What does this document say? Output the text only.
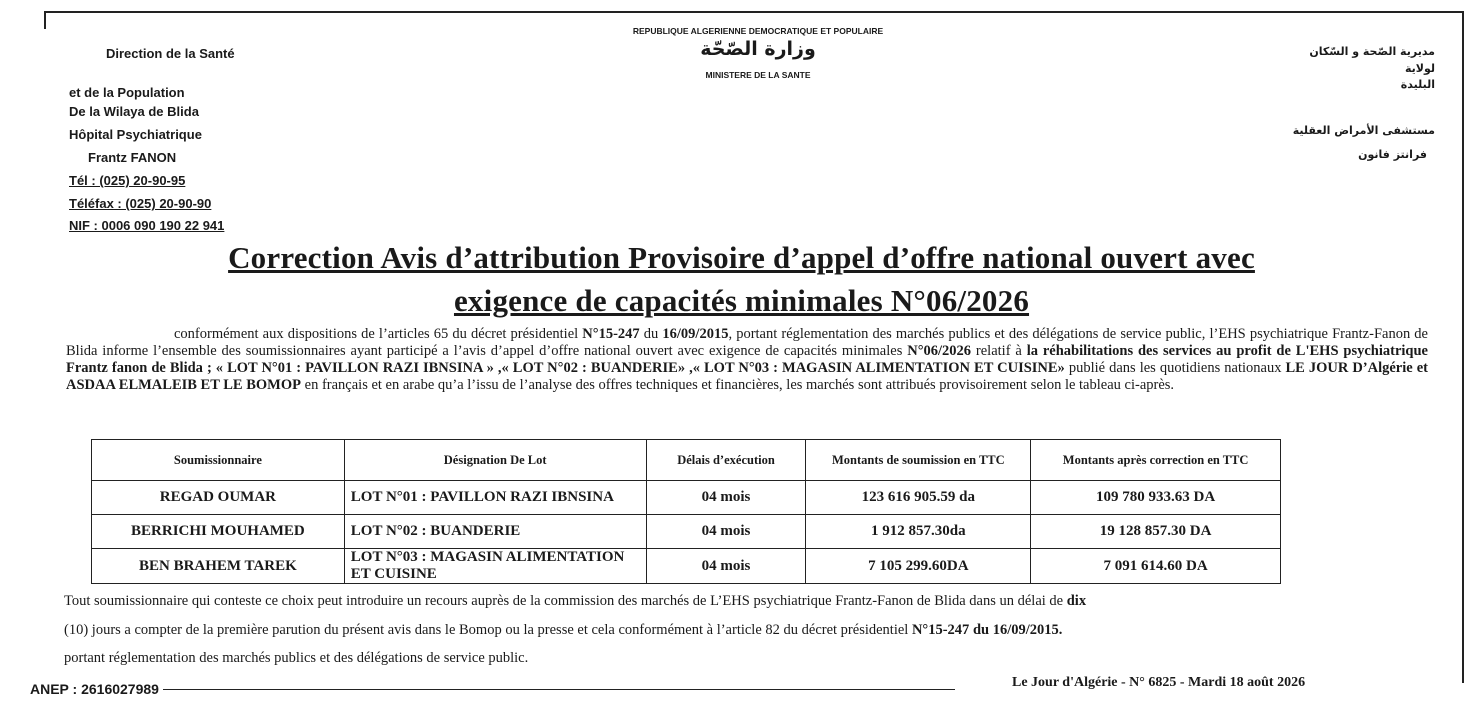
Direction de la Santé
et de la Population
De la Wilaya de Blida
Hôpital Psychiatrique
Frantz FANON
Tél : (025) 20-90-95
Téléfax : (025) 20-90-90
NIF : 0006 090 190 22 941
REPUBLIQUE ALGERIENNE DEMOCRATIQUE ET POPULAIRE
وزارة الصّحّة
MINISTERE DE LA SANTE
مديرية الصّحة و السّكان
لولاية
البليدة
مستشفى الأمراض العقلية
فرانتز فانون
Correction Avis d’attribution Provisoire d’appel d’offre national ouvert avec
exigence de capacités minimales N°06/2026
conformément aux dispositions de l’articles 65 du décret présidentiel N°15-247 du 16/09/2015, portant réglementation des marchés publics et des délégations de service public, l’EHS psychiatrique Frantz-Fanon de Blida informe l’ensemble des soumissionnaires ayant participé a l’avis d’appel d’offre national ouvert avec exigence de capacités minimales N°06/2026 relatif à la réhabilitations des services au profit de L'EHS psychiatrique Frantz fanon de Blida ; « LOT N°01 : PAVILLON RAZI IBNSINA » ,« LOT N°02 : BUANDERIE» ,« LOT N°03 : MAGASIN ALIMENTATION ET CUISINE» publié dans les quotidiens nationaux LE JOUR D’Algérie et ASDAA ELMALEIB ET LE BOMOP en français et en arabe qu’a l’issu de l’analyse des offres techniques et financières, les marchés sont attribués provisoirement selon le tableau ci-après.
Soumissionnaire	Désignation De Lot	Délais d’exécution	Montants de soumission en TTC	Montants après correction en TTC
REGAD OUMAR	LOT N°01 : PAVILLON RAZI IBNSINA	04 mois	123 616 905.59 da	109 780 933.63 DA
BERRICHI MOUHAMED	LOT N°02 : BUANDERIE	04 mois	1 912 857.30da	19 128 857.30 DA
BEN BRAHEM TAREK	LOT N°03 : MAGASIN ALIMENTATION ET CUISINE	04 mois	7 105 299.60DA	7 091 614.60 DA
Tout soumissionnaire qui conteste ce choix peut introduire un recours auprès de la commission des marchés de L’EHS psychiatrique Frantz-Fanon de Blida dans un délai de dix
(10) jours a compter de la première parution du présent avis dans le Bomop ou la presse et cela conformément à l’article 82 du décret présidentiel N°15-247 du 16/09/2015.
portant réglementation des marchés publics et des délégations de service public.
ANEP : 2616027989	Le Jour d'Algérie - N° 6825 - Mardi 18 août 2026
